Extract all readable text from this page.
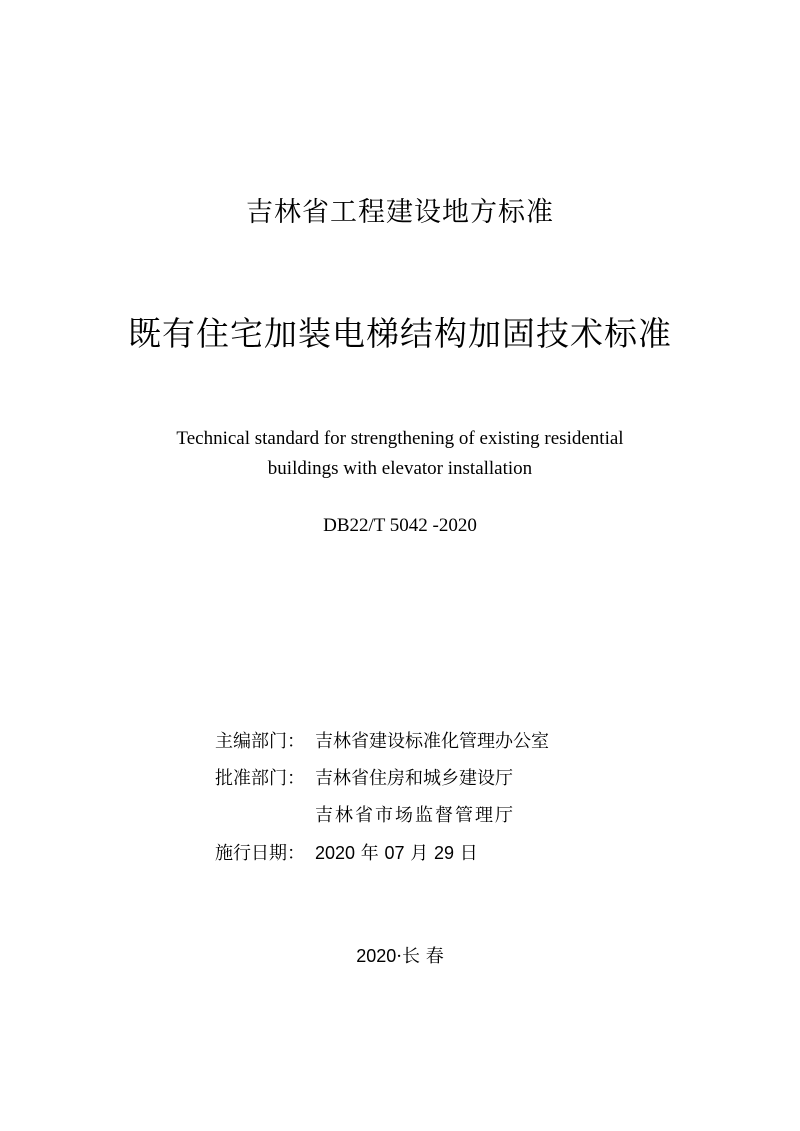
吉林省工程建设地方标准
既有住宅加装电梯结构加固技术标准
Technical standard for strengthening of existing residential
buildings with elevator installation
DB22/T 5042 -2020
主编部门： 吉林省建设标准化管理办公室
批准部门： 吉林省住房和城乡建设厅
吉林省市场监督管理厅
施行日期： 2020 年 07 月 29 日
2020·长 春
